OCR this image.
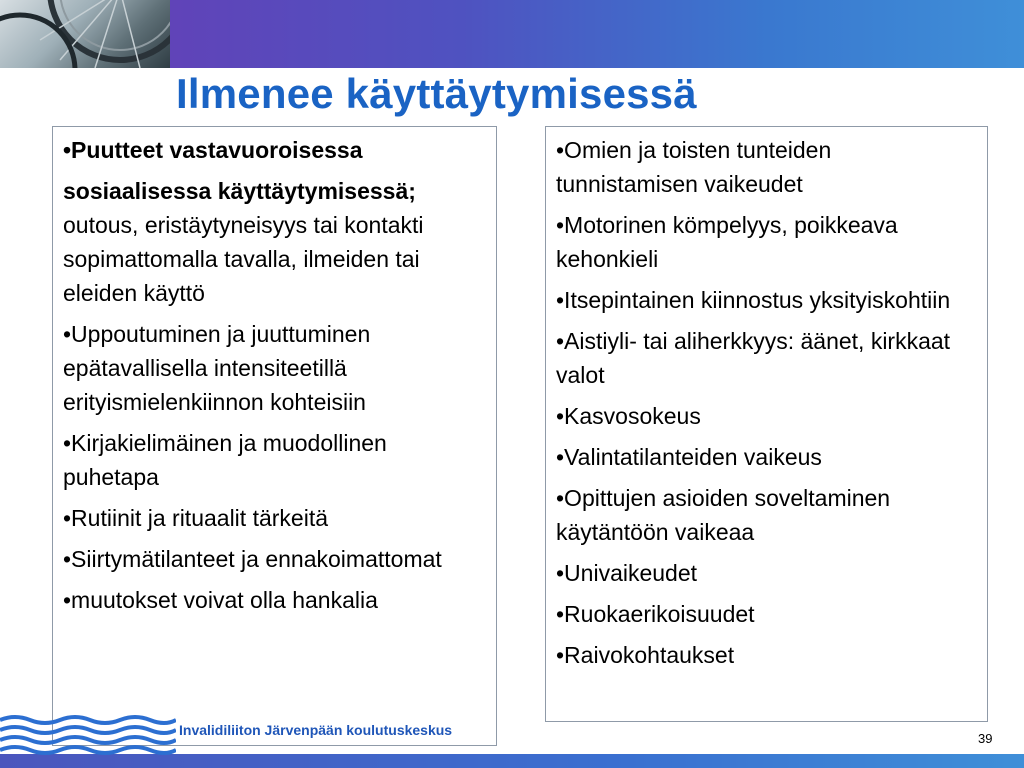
Ilmenee käyttäytymisessä
•Puutteet vastavuoroisessa
sosiaalisessa käyttäytymisessä; outous, eristäytyneisyys tai kontakti sopimattomalla tavalla, ilmeiden tai eleiden käyttö
•Uppoutuminen ja juuttuminen epätavallisella intensiteetillä erityismielenkiinnon kohteisiin
•Kirjakielimäinen ja muodollinen puhetapa
•Rutiinit ja rituaalit tärkeitä
•Siirtymätilanteet ja ennakoimattomat
•muutokset voivat olla hankalia
•Omien ja toisten tunteiden tunnistamisen vaikeudet
•Motorinen kömpelyys, poikkeava kehonkieli
•Itsepintainen kiinnostus yksityiskohtiin
•Aistiyli- tai aliherkkyys: äänet, kirkkaat valot
•Kasvosokeus
•Valintatilanteiden vaikeus
•Opittujen asioiden soveltaminen käytäntöön vaikeaa
•Univaikeudet
•Ruokaerikoisuudet
•Raivokohtaukset
Invalidiliiton Järvenpään koulutuskeskus
39
